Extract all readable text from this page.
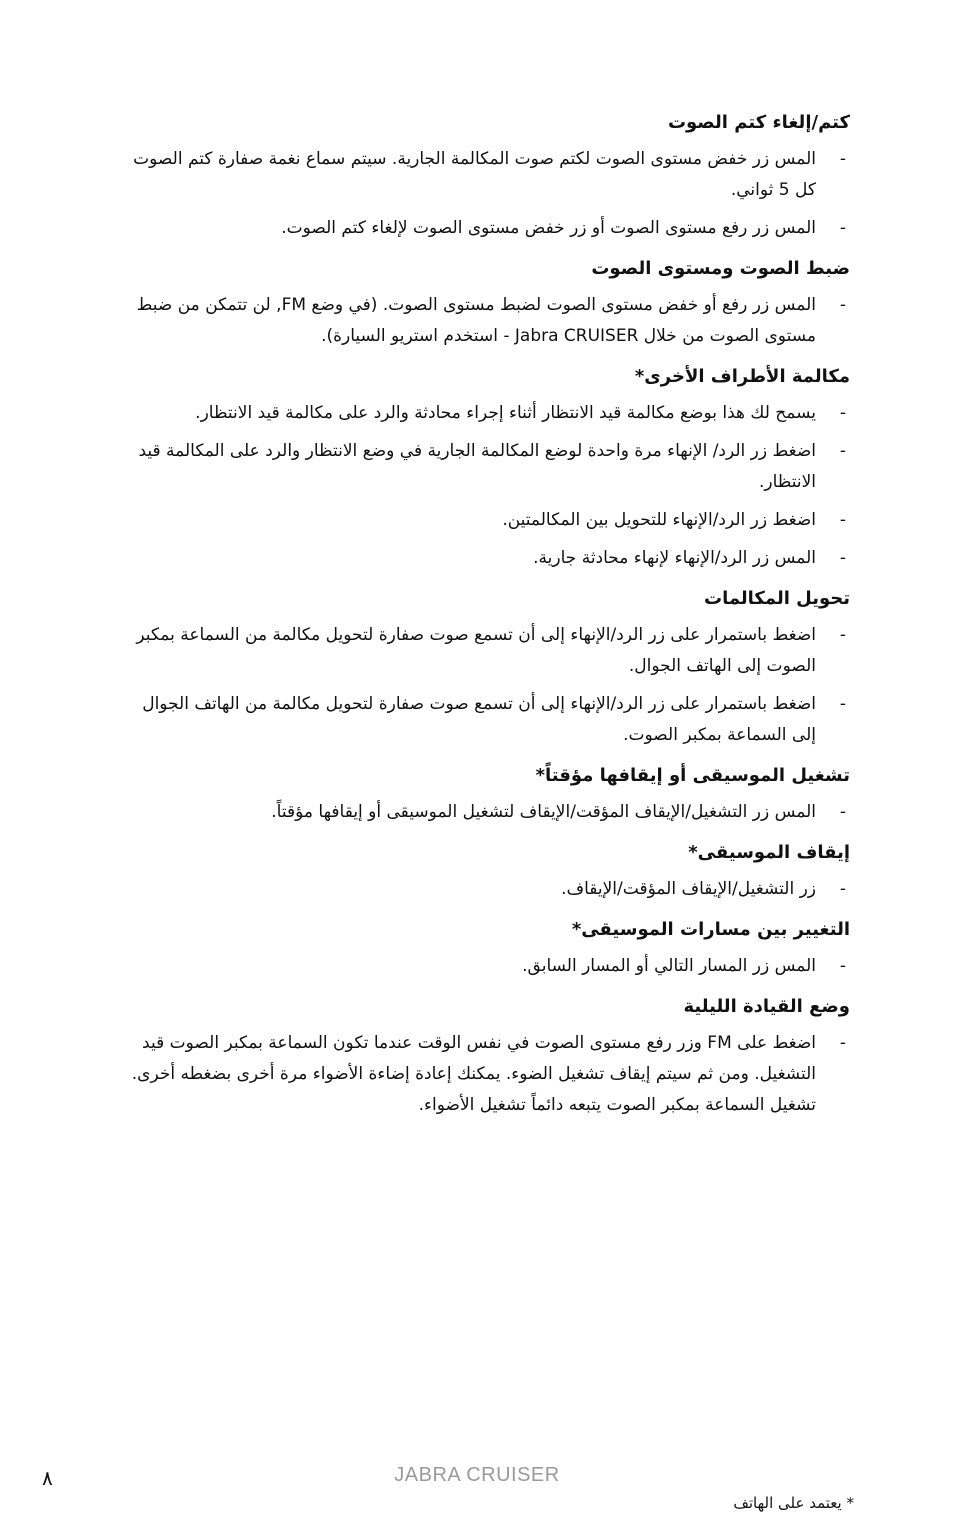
كتم/إلغاء كتم الصوت
-
المس زر خفض مستوى الصوت لكتم صوت المكالمة الجارية. سيتم سماع نغمة صفارة كتم الصوت كل 5 ثواني.
-
المس زر رفع مستوى الصوت أو زر خفض مستوى الصوت لإلغاء كتم الصوت.
ضبط الصوت ومستوى الصوت
-
المس زر رفع أو خفض مستوى الصوت لضبط مستوى الصوت. (في وضع FM, لن تتمكن من ضبط مستوى الصوت من خلال Jabra CRUISER - استخدم استريو السيارة).
مكالمة الأطراف الأخرى*
-
يسمح لك هذا بوضع مكالمة قيد الانتظار أثناء إجراء محادثة والرد على مكالمة قيد الانتظار.
-
اضغط زر الرد/ الإنهاء مرة واحدة لوضع المكالمة الجارية في وضع الانتظار والرد على المكالمة قيد الانتظار.
-
اضغط زر الرد/الإنهاء للتحويل بين المكالمتين.
-
المس زر الرد/الإنهاء لإنهاء محادثة جارية.
تحويل المكالمات
-
اضغط باستمرار على زر الرد/الإنهاء إلى أن تسمع صوت صفارة لتحويل مكالمة من السماعة بمكبر الصوت إلى الهاتف الجوال.
-
اضغط باستمرار على زر الرد/الإنهاء إلى أن تسمع صوت صفارة لتحويل مكالمة من الهاتف الجوال إلى السماعة بمكبر الصوت.
تشغيل الموسيقى أو إيقافها مؤقتاً*
-
المس زر التشغيل/الإيقاف المؤقت/الإيقاف لتشغيل الموسيقى أو إيقافها مؤقتاً.
إيقاف الموسيقى*
-
زر التشغيل/الإيقاف المؤقت/الإيقاف.
التغيير بين مسارات الموسيقى*
-
المس زر المسار التالي أو المسار السابق.
وضع القيادة الليلية
-
اضغط على FM وزر رفع مستوى الصوت في نفس الوقت عندما تكون السماعة بمكبر الصوت قيد التشغيل. ومن ثم سيتم إيقاف تشغيل الضوء. يمكنك إعادة إضاءة الأضواء مرة أخرى بضغطه أخرى. تشغيل السماعة بمكبر الصوت يتبعه دائماً تشغيل الأضواء.
JABRA CRUISER
٨
* يعتمد على الهاتف
